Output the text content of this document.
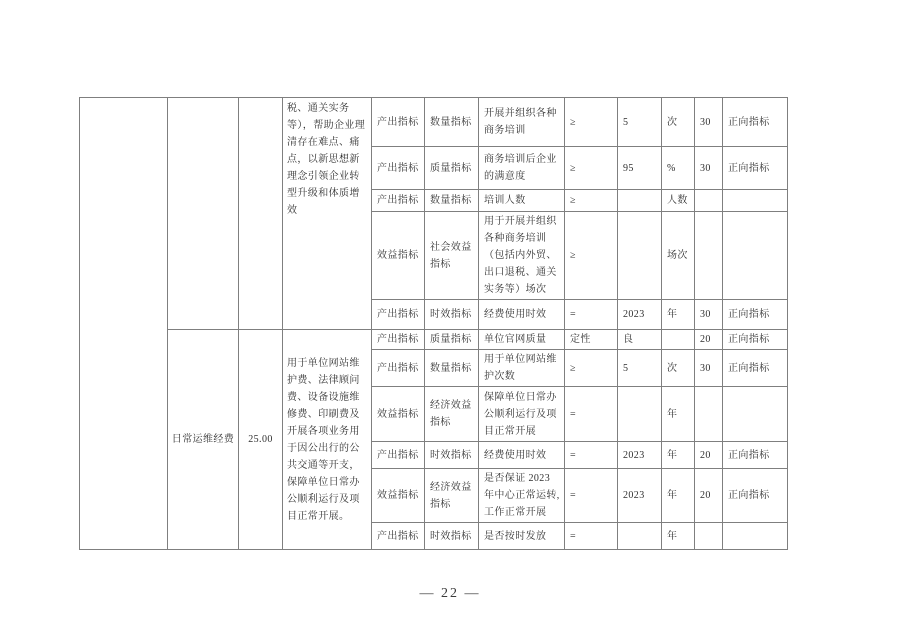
			税、通关实务等），帮助企业理清存在难点、痛点，以新思想新理念引领企业转型升级和体质增效	产出指标	数量指标	开展并组织各种商务培训	≥	5	次	30	正向指标
				产出指标	质量指标	商务培训后企业的满意度	≥	95	%	30	正向指标
				产出指标	数量指标	培训人数	≥		人数		
				效益指标	社会效益指标	用于开展并组织各种商务培训（包括内外贸、出口退税、通关实务等）场次	≥		场次		
				产出指标	时效指标	经费使用时效	=	2023	年	30	正向指标
	日常运维经费	25.00	用于单位网站维护费、法律顾问费、设备设施维修费、印刷费及开展各项业务用于因公出行的公共交通等开支，保障单位日常办公顺利运行及项目正常开展。	产出指标	质量指标	单位官网质量	定性	良		20	正向指标
				产出指标	数量指标	用于单位网站维护次数	≥	5	次	30	正向指标
				效益指标	经济效益指标	保障单位日常办公顺利运行及项目正常开展	=		年		
				产出指标	时效指标	经费使用时效	=	2023	年	20	正向指标
				效益指标	经济效益指标	是否保证 2023 年中心正常运转, 工作正常开展	=	2023	年	20	正向指标
				产出指标	时效指标	是否按时发放	=		年		
— 22 —
